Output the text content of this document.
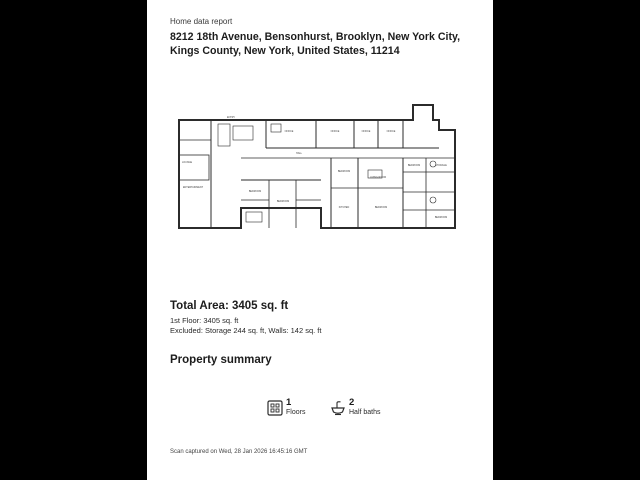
Home data report
8212 18th Avenue, Bensonhurst, Brooklyn, New York City, Kings County, New York, United States, 11214
LOUNGE
ENTERTAINMENT
ENTRY
OFFICE	OFFICE	OFFICE	OFFICE
HALL
LIVING ROOM
BEDROOM
BEDROOM
BEDROOM
KITCHEN	BEDROOM
BEDROOM	STORAGE
BEDROOM
Total Area: 3405 sq. ft
1st Floor: 3405 sq. ft
Excluded: Storage 244 sq. ft, Walls: 142 sq. ft
Property summary
1
Floors
2
Half baths
Scan captured on Wed, 28 Jan 2026 16:45:16 GMT
